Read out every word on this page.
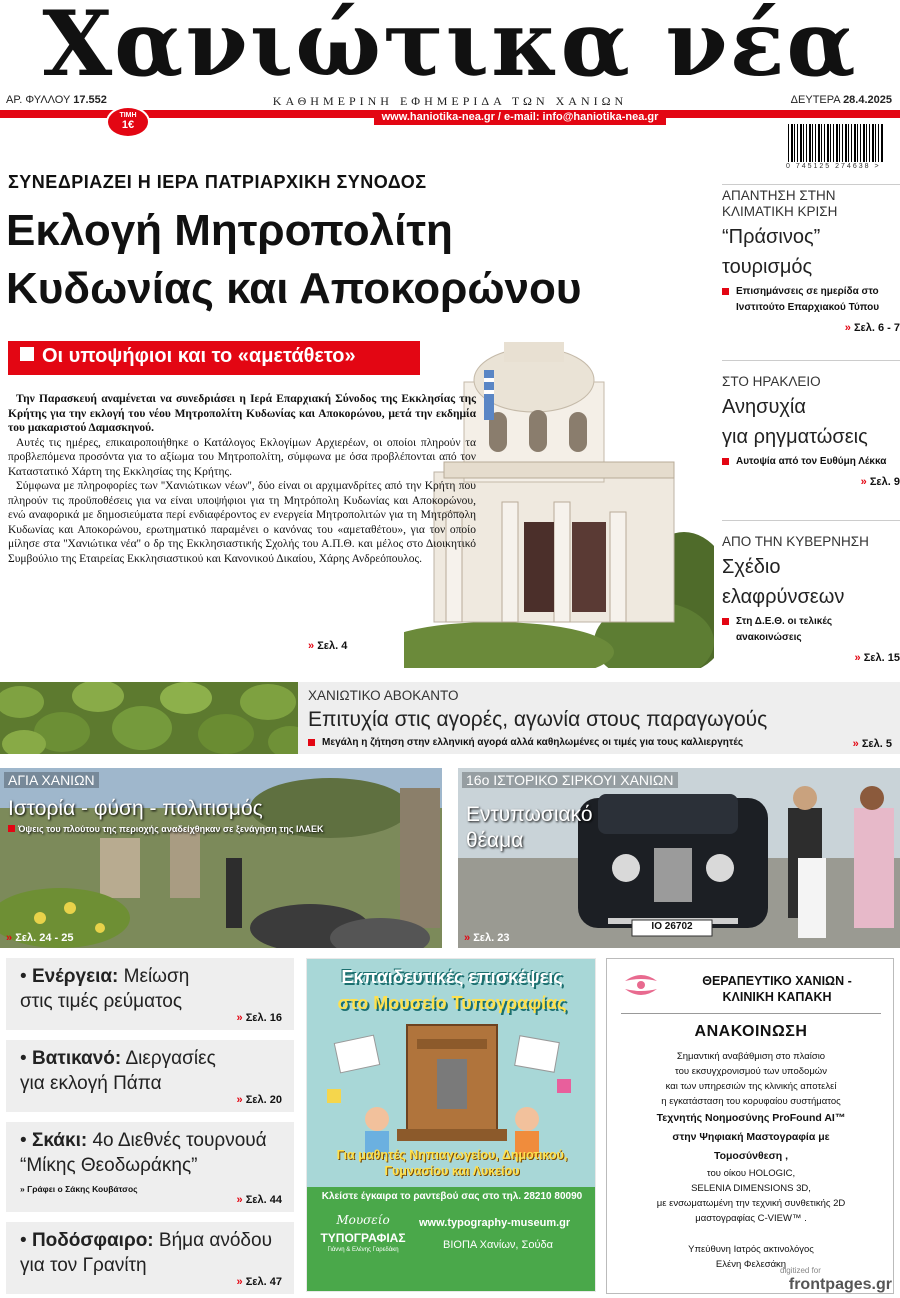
Χανιώτικα νέα
ΑΡ. ΦΥΛΛΟΥ 17.552	ΚΑΘΗΜΕΡΙΝΗ ΕΦΗΜΕΡΙΔΑ ΤΩΝ ΧΑΝΙΩΝ	ΔΕΥΤΕΡΑ 28.4.2025
www.haniotika-nea.gr / e-mail: info@haniotika-nea.gr
ΤΙΜΗ
1€
0 745125 274638 >
ΣΥΝΕΔΡΙΑΖΕΙ Η ΙΕΡΑ ΠΑΤΡΙΑΡΧΙΚΗ ΣΥΝΟΔΟΣ
Εκλογή Μητροπολίτη
Κυδωνίας και Αποκορώνου
Οι υποψήφιοι και το «αμετάθετο»

Την Παρασκευή αναμένεται να συνεδριάσει η Ιερά Επαρχιακή Σύνοδος της Εκκλησίας της Κρήτης για την εκλογή του νέου Μητροπολίτη Κυδωνίας και Αποκορώνου, μετά την εκδημία του μακαριστού Δαμασκηνού.

Αυτές τις ημέρες, επικαιροποιήθηκε ο Κατάλογος Εκλογίμων Αρχιερέων, οι οποίοι πληρούν τα προβλεπόμενα προσόντα για το αξίωμα του Μητροπολίτη, σύμφωνα με όσα προβλέπονται από τον Καταστατικό Χάρτη της Εκκλησίας της Κρήτης.

Σύμφωνα με πληροφορίες των ''Χανιώτικων νέων'', δύο είναι οι αρχιμανδρίτες από την Κρήτη που πληρούν τις προϋποθέσεις για να είναι υποψήφιοι για τη Μητρόπολη Κυδωνίας και Αποκορώνου, ενώ αναφορικά με δημοσιεύματα περί ενδιαφέροντος εν ενεργεία Μητροπολιτών για τη Μητρόπολη Κυδωνίας και Αποκορώνου, ερωτηματικό παραμένει ο κανόνας του «αμεταθέτου», για τον οποίο μίλησε στα ''Χανιώτικα νέα'' ο δρ της Εκκλησιαστικής Σχολής του Α.Π.Θ. και μέλος στο Διοικητικό Συμβούλιο της Εταιρείας Εκκλησιαστικού και Κανονικού Δικαίου, Χάρης Ανδρεόπουλος.

» Σελ. 4
ΑΠΑΝΤΗΣΗ ΣΤΗΝ ΚΛΙΜΑΤΙΚΗ ΚΡΙΣΗ
“Πράσινος”
τουρισμός
Επισημάνσεις σε ημερίδα στο Ινστιτούτο Επαρχιακού Τύπου
» Σελ. 6 - 7
ΣΤΟ ΗΡΑΚΛΕΙΟ
Ανησυχία
για ρηγματώσεις
Αυτοψία από τον Ευθύμη Λέκκα
» Σελ. 9
ΑΠΟ ΤΗΝ ΚΥΒΕΡΝΗΣΗ
Σχέδιο
ελαφρύνσεων
Στη Δ.Ε.Θ. οι τελικές ανακοινώσεις
» Σελ. 15
ΧΑΝΙΩΤΙΚΟ ΑΒΟΚΑΝΤΟ
Επιτυχία στις αγορές, αγωνία στους παραγωγούς
Μεγάλη η ζήτηση στην ελληνική αγορά αλλά καθηλωμένες οι τιμές για τους καλλιεργητές	» Σελ. 5
ΑΓΙΑ ΧΑΝΙΩΝ
Ιστορία - φύση - πολιτισμός
Όψεις του πλούτου της περιοχής αναδείχθηκαν σε ξενάγηση της ΙΛΑΕΚ
» Σελ. 24 - 25
IO 26702
16ο ΙΣΤΟΡΙΚΟ ΣΙΡΚΟΥΙ ΧΑΝΙΩΝ
Εντυπωσιακό
θέαμα
» Σελ. 23
• Ενέργεια: Μείωση
στις τιμές ρεύματος
» Σελ. 16
• Βατικανό: Διεργασίες
για εκλογή Πάπα
» Σελ. 20
• Σκάκι: 4ο Διεθνές τουρνουά
“Μίκης Θεοδωράκης”
» Γράφει ο Σάκης Κουβάτσος
» Σελ. 44
• Ποδόσφαιρο: Βήμα ανόδου
για τον Γρανίτη
» Σελ. 47
Εκπαιδευτικές επισκέψεις
στο Μουσείο Τυπογραφίας
Για μαθητές Νηπιαγωγείου, Δημοτικού, Γυμνασίου και Λυκείου
Κλείστε έγκαιρα το ραντεβού σας στο τηλ. 28210 80090
Μουσείο
ΤΥΠΟΓΡΑΦΙΑΣ
Γιάννη & Ελένης Γαρεδάκη
www.typography-museum.gr
ΒΙΟΠΑ Χανίων, Σούδα
ΘΕΡΑΠΕΥΤΙΚΟ ΧΑΝΙΩΝ -
ΚΛΙΝΙΚΗ ΚΑΠΑΚΗ
ΑΝΑΚΟΙΝΩΣΗ
Σημαντική αναβάθμιση στο πλαίσιο
του εκσυγχρονισμού των υποδομών
και των υπηρεσιών της κλινικής αποτελεί
η εγκατάσταση του κορυφαίου συστήματος
Τεχνητής Νοημοσύνης ProFound AI™
στην Ψηφιακή Μαστογραφία με
Τομοσύνθεση ,
του οίκου HOLOGIC,
SELENIA DIMENSIONS 3D,
με ενσωματωμένη την τεχνική συνθετικής 2D
μαστογραφίας C-VIEW™ .
Υπεύθυνη Ιατρός ακτινολόγος
Ελένη Φελεσάκη
digitized for
frontpages.gr
